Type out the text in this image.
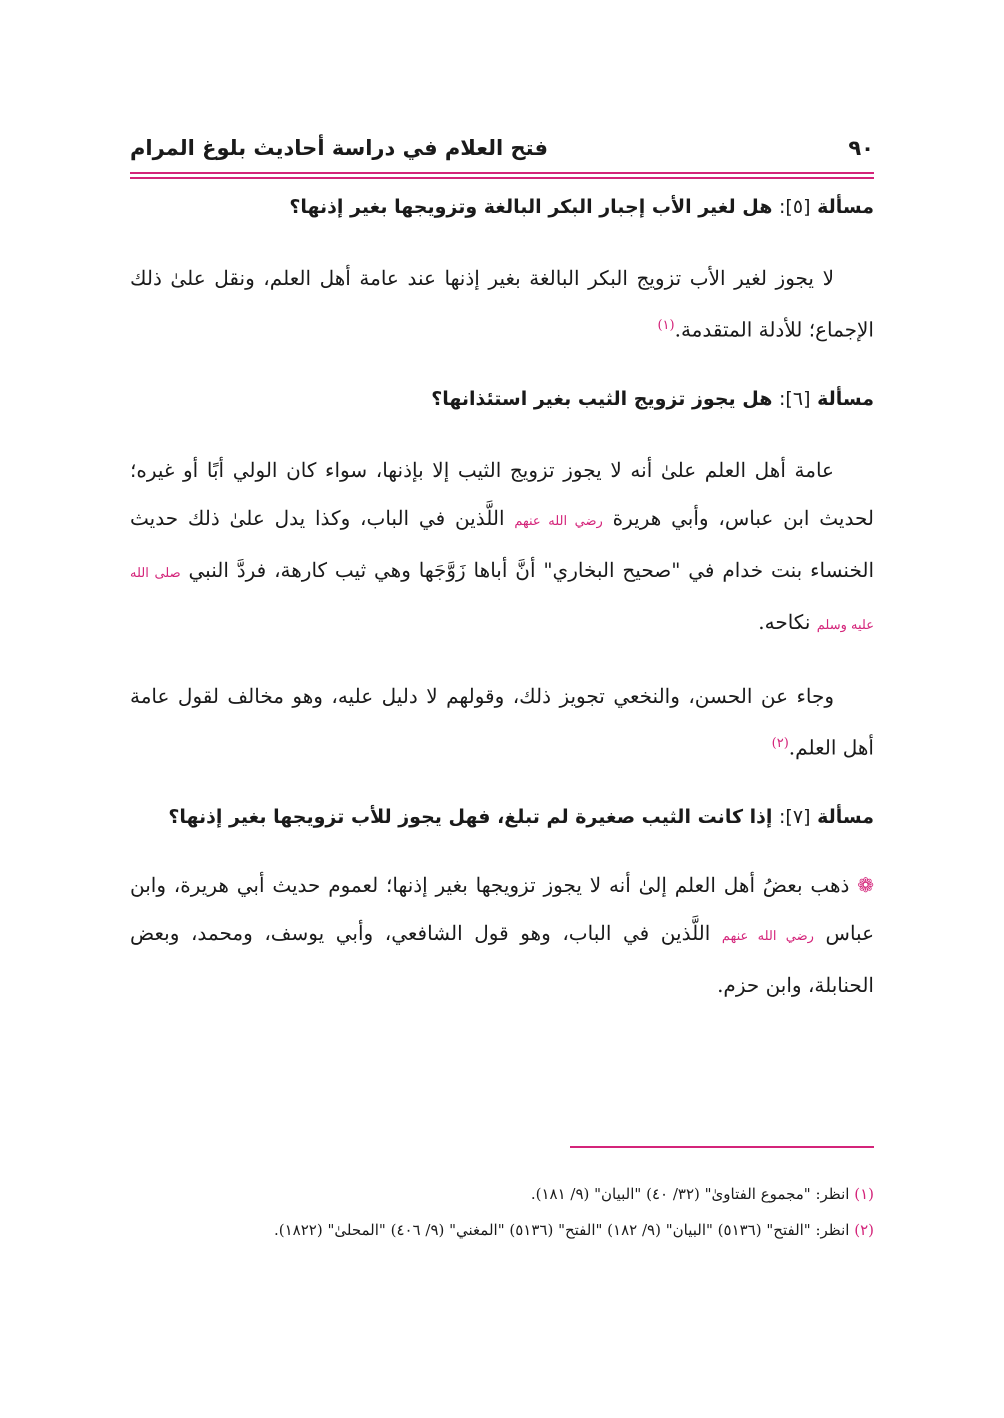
٩٠
فتح العلام في دراسة أحاديث بلوغ المرام

مسألة [٥]: هل لغير الأب إجبار البكر البالغة وتزويجها بغير إذنها؟

لا يجوز لغير الأب تزويج البكر البالغة بغير إذنها عند عامة أهل العلم، ونقل علىٰ ذلك الإجماع؛ للأدلة المتقدمة.$^{(١)}$

مسألة [٦]: هل يجوز تزويج الثيب بغير استئذانها؟

عامة أهل العلم علىٰ أنه لا يجوز تزويج الثيب إلا بإذنها، سواء كان الولي أبًا أو غيره؛ لحديث ابن عباس، وأبي هريرة رضي الله عنهم اللَّذين في الباب، وكذا يدل علىٰ ذلك حديث الخنساء بنت خدام في "صحيح البخاري" أنَّ أباها زَوَّجَها وهي ثيب كارهة، فردَّ النبي صلى الله عليه وسلم نكاحه.

وجاء عن الحسن، والنخعي تجويز ذلك، وقولهم لا دليل عليه، وهو مخالف لقول عامة أهل العلم.$^{(٢)}$

مسألة [٧]: إذا كانت الثيب صغيرة لم تبلغ، فهل يجوز للأب تزويجها بغير إذنها؟

❁ ذهب بعضُ أهل العلم إلىٰ أنه لا يجوز تزويجها بغير إذنها؛ لعموم حديث أبي هريرة، وابن عباس رضي الله عنهم اللَّذين في الباب، وهو قول الشافعي، وأبي يوسف، ومحمد، وبعض الحنابلة، وابن حزم.

(١) انظر: "مجموع الفتاوىٰ" (٣٢/ ٤٠) "البيان" (٩/ ١٨١).

(٢) انظر: "الفتح" (٥١٣٦) "البيان" (٩/ ١٨٢) "الفتح" (٥١٣٦) "المغني" (٩/ ٤٠٦) "المحلىٰ" (١٨٢٢).
